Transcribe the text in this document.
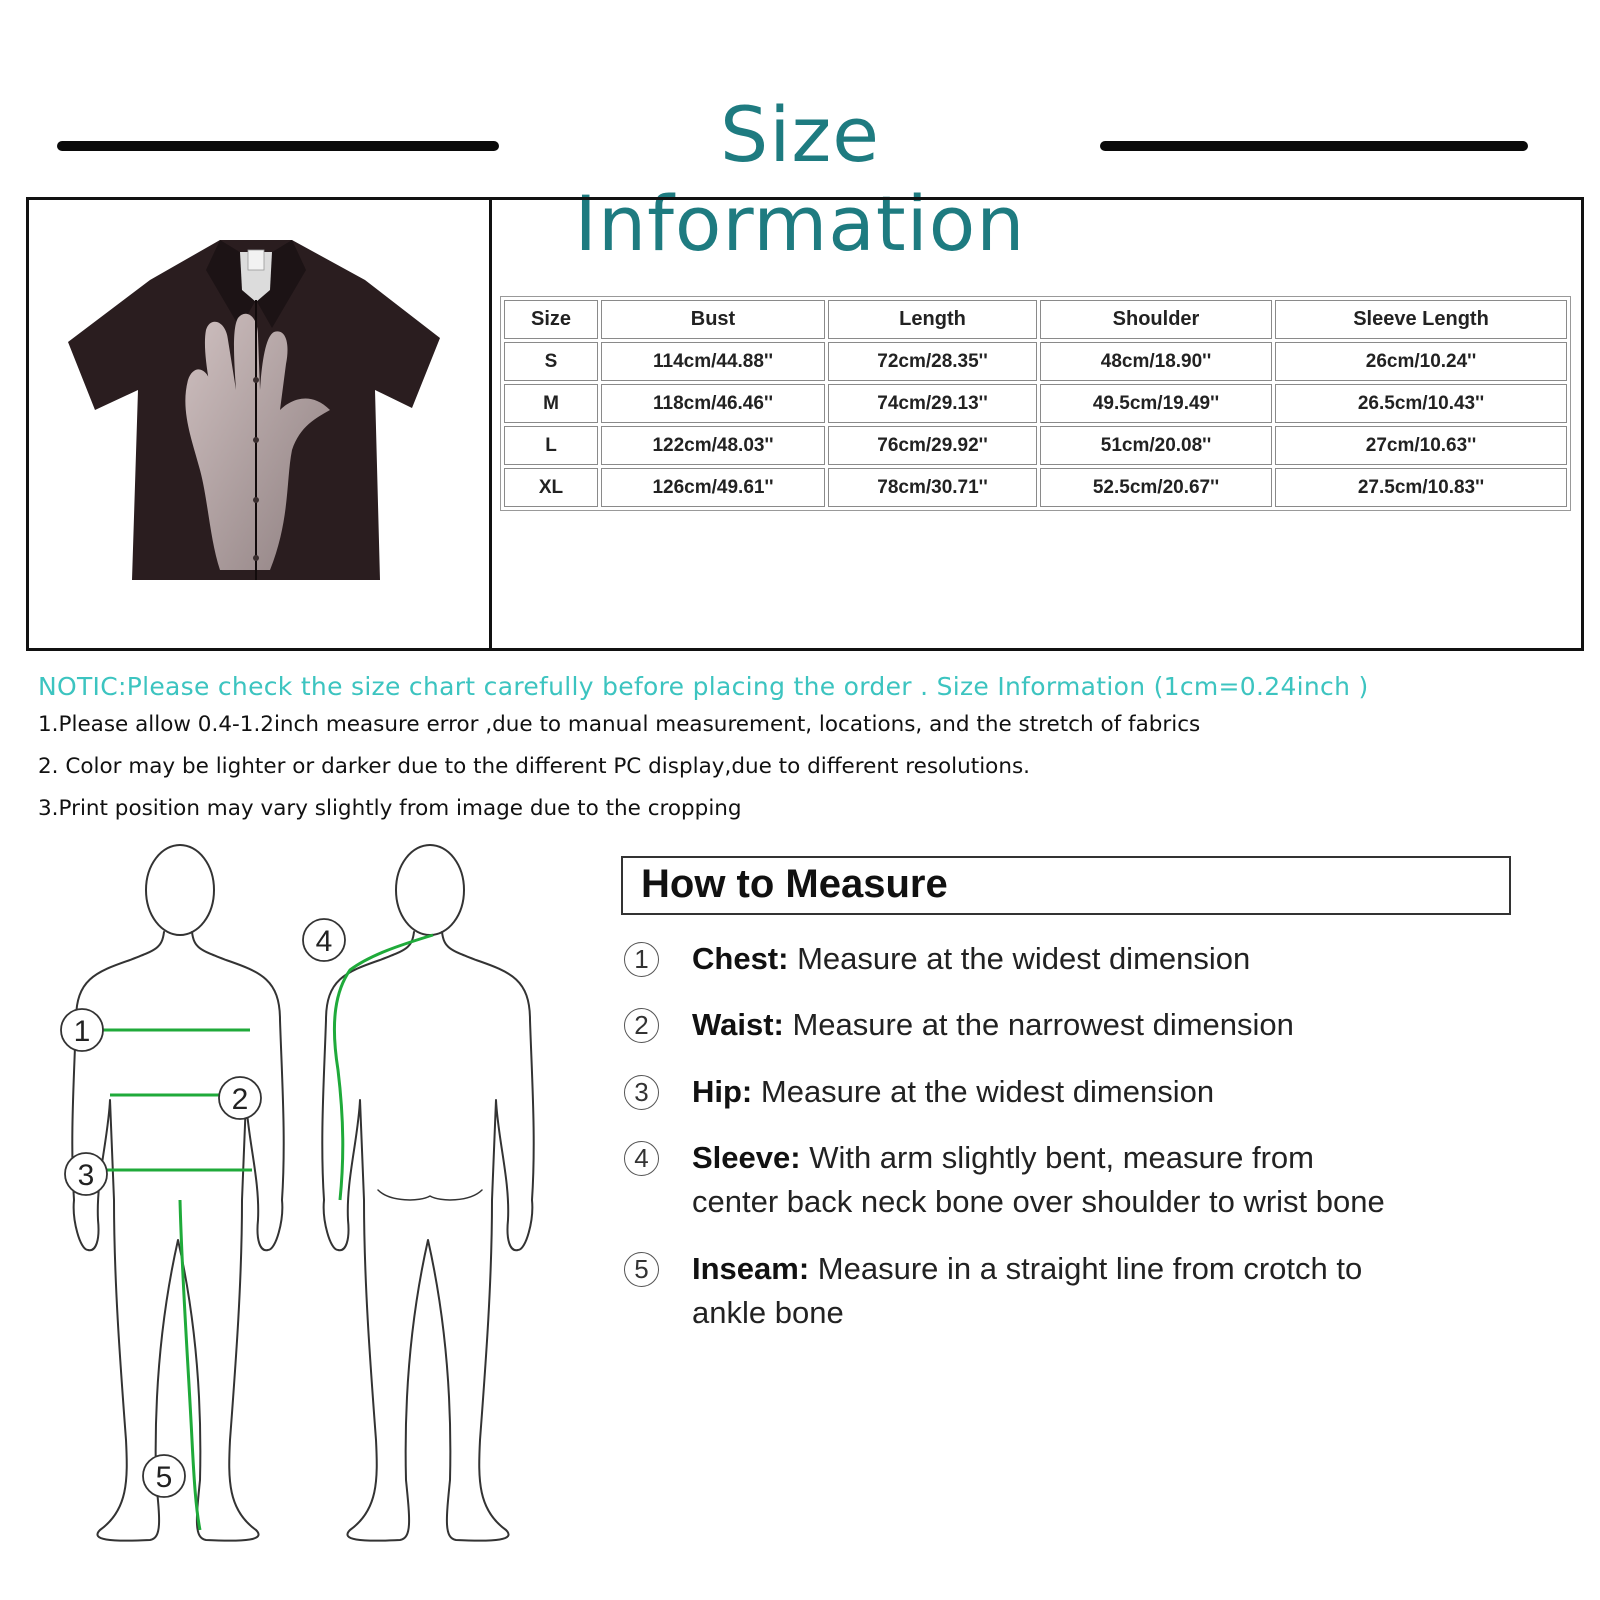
Size Information
Size	Bust	Length	Shoulder	Sleeve Length
S	114cm/44.88''	72cm/28.35''	48cm/18.90''	26cm/10.24''
M	118cm/46.46''	74cm/29.13''	49.5cm/19.49''	26.5cm/10.43''
L	122cm/48.03''	76cm/29.92''	51cm/20.08''	27cm/10.63''
XL	126cm/49.61''	78cm/30.71''	52.5cm/20.67''	27.5cm/10.83''
NOTIC:Please check the size chart carefully before placing the order . Size Information (1cm=0.24inch )
1.Please allow 0.4-1.2inch measure error ,due to manual measurement, locations, and the stretch of fabrics
2. Color may be lighter or darker due to the different PC display,due to different resolutions.
3.Print position may vary slightly from image due to the cropping
1
2
3
4
5
How to Measure
1	Chest: Measure at the widest dimension
2	Waist: Measure at the narrowest dimension
3	Hip: Measure at the widest dimension
4	Sleeve: With arm slightly bent, measure from
center back neck bone over shoulder to wrist bone
5	Inseam: Measure in a straight line from crotch to
ankle bone
